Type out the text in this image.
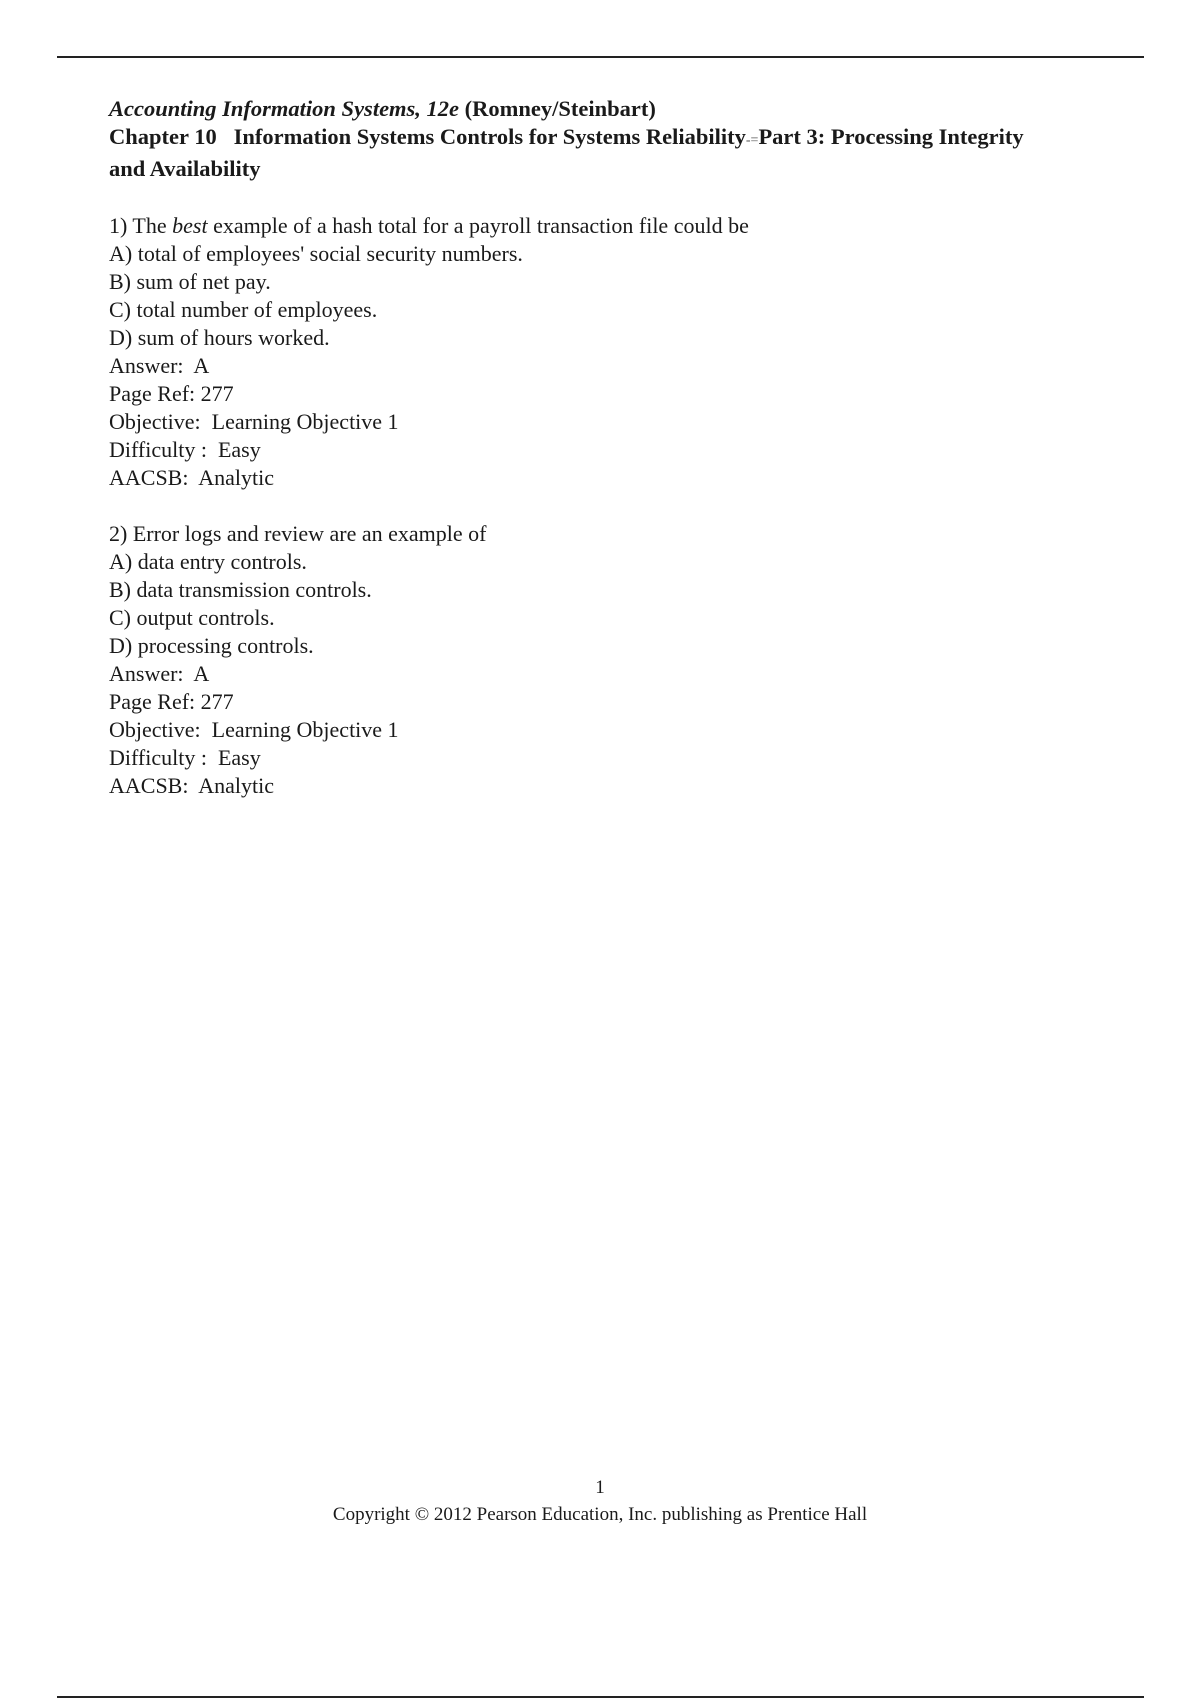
Accounting Information Systems, 12e (Romney/Steinbart)
Chapter 10   Information Systems Controls for Systems Reliability-=Part 3: Processing Integrity
and Availability
1) The best example of a hash total for a payroll transaction file could be
A) total of employees' social security numbers.
B) sum of net pay.
C) total number of employees.
D) sum of hours worked.
Answer:  A
Page Ref: 277
Objective:  Learning Objective 1
Difficulty :  Easy
AACSB:  Analytic
2) Error logs and review are an example of
A) data entry controls.
B) data transmission controls.
C) output controls.
D) processing controls.
Answer:  A
Page Ref: 277
Objective:  Learning Objective 1
Difficulty :  Easy
AACSB:  Analytic
1
Copyright © 2012 Pearson Education, Inc. publishing as Prentice Hall
